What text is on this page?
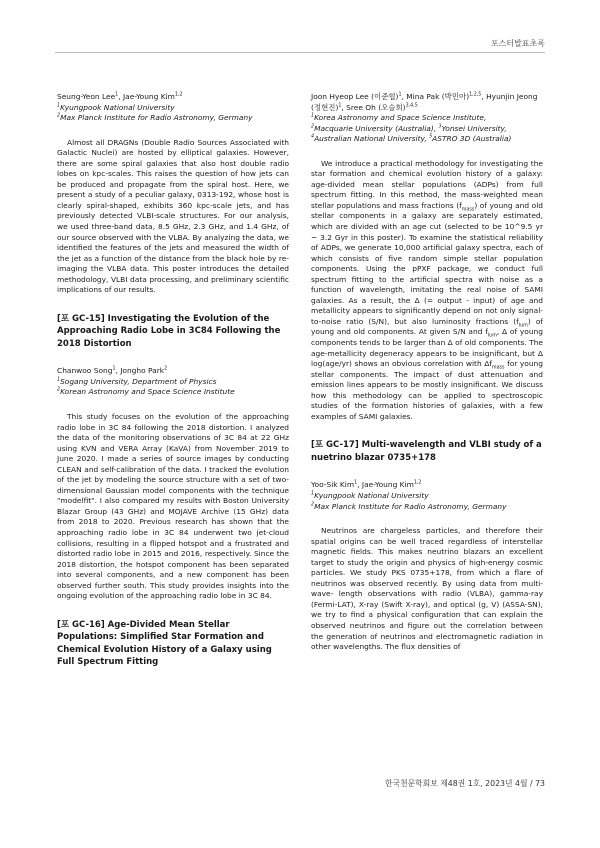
포스터발표초록

Seung-Yeon Lee$^1$, Jae-Young Kim$^{1,2}$

$^1$Kyungpook National University

$^2$Max Planck Institute for Radio Astronomy, Germany

Almost all DRAGNs (Double Radio Sources Associated with Galactic Nuclei) are hosted by elliptical galaxies. However, there are some spiral galaxies that also host double radio lobes on kpc-scales. This raises the question of how jets can be produced and propagate from the spiral host. Here, we present a study of a peculiar galaxy, 0313-192, whose host is clearly spiral-shaped, exhibits 360 kpc-scale jets, and has previously detected VLBI-scale structures. For our analysis, we used three-band data, 8.5 GHz, 2.3 GHz, and 1.4 GHz, of our source observed with the VLBA. By analyzing the data, we identified the features of the jets and measured the width of the jet as a function of the distance from the black hole by re-imaging the VLBA data. This poster introduces the detailed methodology, VLBI data processing, and preliminary scientific implications of our results.

[포 GC-15] Investigating the Evolution of the Approaching Radio Lobe in 3C84 Following the 2018 Distortion

Chanwoo Song$^1$, Jongho Park$^2$

$^1$Sogang University, Department of Physics

$^2$Korean Astronomy and Space Science Institute

This study focuses on the evolution of the approaching radio lobe in 3C 84 following the 2018 distortion. I analyzed the data of the monitoring observations of 3C 84 at 22 GHz using KVN and VERA Array (KaVA) from November 2019 to June 2020. I made a series of source images by conducting CLEAN and self-calibration of the data. I tracked the evolution of the jet by modeling the source structure with a set of two-dimensional Gaussian model components with the technique "modelfit". I also compared my results with Boston University Blazar Group (43 GHz) and MOJAVE Archive (15 GHz) data from 2018 to 2020. Previous research has shown that the approaching radio lobe in 3C 84 underwent two jet-cloud collisions, resulting in a flipped hotspot and a frustrated and distorted radio lobe in 2015 and 2016, respectively. Since the 2018 distortion, the hotspot component has been separated into several components, and a new component has been observed further south. This study provides insights into the ongoing evolution of the approaching radio lobe in 3C 84.

[포 GC-16] Age-Divided Mean Stellar Populations: Simplified Star Formation and Chemical Evolution History of a Galaxy using Full Spectrum Fitting

Joon Hyeop Lee (이준협)$^1$, Mina Pak (박민아)$^{1,2,5}$, Hyunjin Jeong (정현진)$^1$, Sree Oh (오슬희)$^{3,4,5}$

$^1$Korea Astronomy and Space Science Institute,

$^2$Macquarie University (Australia), $^3$Yonsei University,

$^4$Australian National University, $^5$ASTRO 3D (Australia)

We introduce a practical methodology for investigating the star formation and chemical evolution history of a galaxy: age-divided mean stellar populations (ADPs) from full spectrum fitting. In this method, the mass-weighted mean stellar populations and mass fractions $(f_{mass})$ of young and old stellar components in a galaxy are separately estimated, which are divided with an age cut (selected to be 10^9.5 yr ~ 3.2 Gyr in this poster). To examine the statistical reliability of ADPs, we generate 10,000 artificial galaxy spectra, each of which consists of five random simple stellar population components. Using the pPXF package, we conduct full spectrum fitting to the artificial spectra with noise as a function of wavelength, imitating the real noise of SAMI galaxies. As a result, the Δ (= output - input) of age and metallicity appears to significantly depend on not only signal-to-noise ratio (S/N), but also luminosity fractions $(f_{lum})$ of young and old components. At given S/N and $f_{lum}$, Δ of young components tends to be larger than Δ of old components. The age-metallicity degeneracy appears to be insignificant, but Δ log(age/yr) shows an obvious correlation with $\Delta f_{mass}$ for young stellar components. The impact of dust attenuation and emission lines appears to be mostly insignificant. We discuss how this methodology can be applied to spectroscopic studies of the formation histories of galaxies, with a few examples of SAMI galaxies.

[포 GC-17] Multi-wavelength and VLBI study of a nuetrino blazar 0735+178

Yoo-Sik Kim$^1$, Jae-Young Kim$^{1,2}$

$^1$Kyungpook National University

$^2$Max Planck Institute for Radio Astronomy, Germany

Neutrinos are chargeless particles, and therefore their spatial origins can be well traced regardless of interstellar magnetic fields. This makes neutrino blazars an excellent target to study the origin and physics of high-energy cosmic particles. We study PKS 0735+178, from which a flare of neutrinos was observed recently. By using data from multi-wave- length observations with radio (VLBA), gamma-ray (Fermi-LAT), X-ray (Swift X-ray), and optical (g, V) (ASSA-SN), we try to find a physical configuration that can explain the observed neutrinos and figure out the correlation between the generation of neutrinos and electromagnetic radiation in other wavelengths. The flux densities of

한국천문학회보 제48권 1호, 2023년 4월 / 73
